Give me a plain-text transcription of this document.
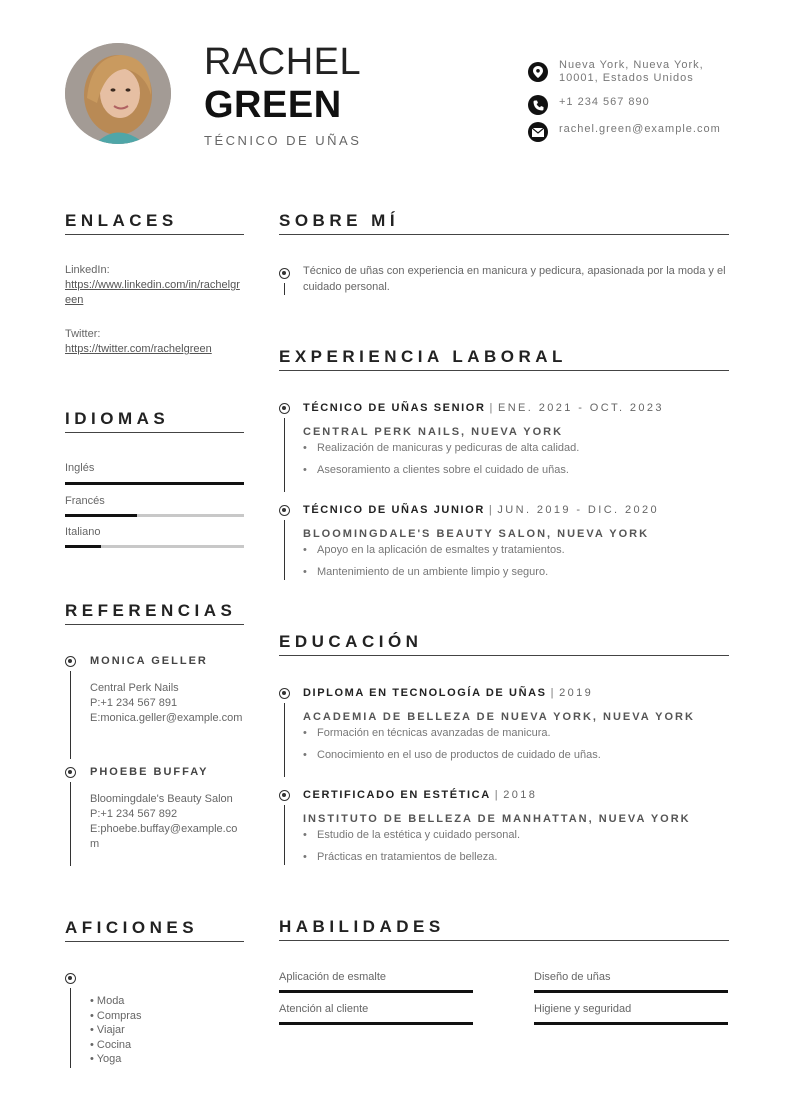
RACHEL
GREEN
TÉCNICO DE UÑAS
Nueva York, Nueva York, 10001, Estados Unidos
+1 234 567 890
rachel.green@example.com
ENLACES
LinkedIn:
https://www.linkedin.com/in/rachelgreen
Twitter:
https://twitter.com/rachelgreen
IDIOMAS
Inglés
Francés
Italiano
REFERENCIAS
MONICA GELLER
Central Perk Nails
P:+1 234 567 891
E:monica.geller@example.com
PHOEBE BUFFAY
Bloomingdale's Beauty Salon
P:+1 234 567 892
E:phoebe.buffay@example.com
AFICIONES
• Moda
• Compras
• Viajar
• Cocina
• Yoga
SOBRE MÍ
Técnico de uñas con experiencia en manicura y pedicura, apasionada por la moda y el cuidado personal.
EXPERIENCIA LABORAL
TÉCNICO DE UÑAS SENIOR | ENE. 2021 - OCT. 2023
CENTRAL PERK NAILS, NUEVA YORK
• Realización de manicuras y pedicuras de alta calidad.
• Asesoramiento a clientes sobre el cuidado de uñas.
TÉCNICO DE UÑAS JUNIOR | JUN. 2019 - DIC. 2020
BLOOMINGDALE'S BEAUTY SALON, NUEVA YORK
• Apoyo en la aplicación de esmaltes y tratamientos.
• Mantenimiento de un ambiente limpio y seguro.
EDUCACIÓN
DIPLOMA EN TECNOLOGÍA DE UÑAS | 2019
ACADEMIA DE BELLEZA DE NUEVA YORK, NUEVA YORK
• Formación en técnicas avanzadas de manicura.
• Conocimiento en el uso de productos de cuidado de uñas.
CERTIFICADO EN ESTÉTICA | 2018
INSTITUTO DE BELLEZA DE MANHATTAN, NUEVA YORK
• Estudio de la estética y cuidado personal.
• Prácticas en tratamientos de belleza.
HABILIDADES
Aplicación de esmalte	Diseño de uñas
Atención al cliente	Higiene y seguridad
